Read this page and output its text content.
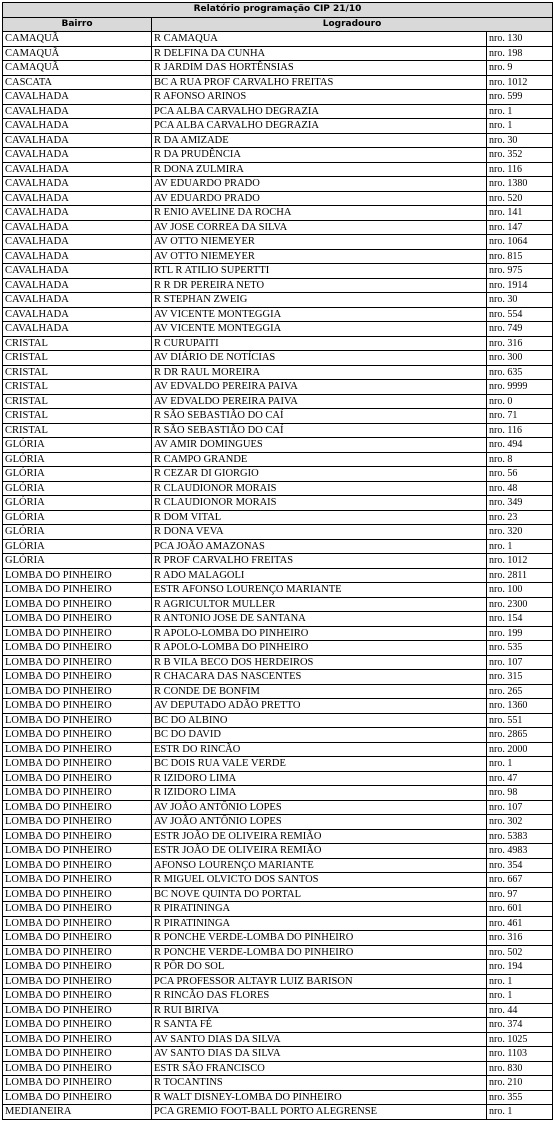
Relatório programação CIP 21/10		
Bairro	Logradouro	
CAMAQUÃ	R CAMAQUA	nro. 130
CAMAQUÃ	R DELFINA DA CUNHA	nro. 198
CAMAQUÃ	R JARDIM DAS HORTÊNSIAS	nro. 9
CASCATA	BC A RUA PROF CARVALHO FREITAS	nro. 1012
CAVALHADA	R AFONSO ARINOS	nro. 599
CAVALHADA	PCA ALBA CARVALHO DEGRAZIA	nro. 1
CAVALHADA	PCA ALBA CARVALHO DEGRAZIA	nro. 1
CAVALHADA	R DA AMIZADE	nro. 30
CAVALHADA	R DA PRUDÊNCIA	nro. 352
CAVALHADA	R DONA ZULMIRA	nro. 116
CAVALHADA	AV EDUARDO PRADO	nro. 1380
CAVALHADA	AV EDUARDO PRADO	nro. 520
CAVALHADA	R ENIO AVELINE DA ROCHA	nro. 141
CAVALHADA	AV JOSE CORREA DA SILVA	nro. 147
CAVALHADA	AV OTTO NIEMEYER	nro. 1064
CAVALHADA	AV OTTO NIEMEYER	nro. 815
CAVALHADA	RTL R ATILIO SUPERTTI	nro. 975
CAVALHADA	R R DR PEREIRA NETO	nro. 1914
CAVALHADA	R STEPHAN ZWEIG	nro. 30
CAVALHADA	AV VICENTE MONTEGGIA	nro. 554
CAVALHADA	AV VICENTE MONTEGGIA	nro. 749
CRISTAL	R CURUPAITI	nro. 316
CRISTAL	AV DIÁRIO DE NOTÍCIAS	nro. 300
CRISTAL	R DR RAUL MOREIRA	nro. 635
CRISTAL	AV EDVALDO PEREIRA PAIVA	nro. 9999
CRISTAL	AV EDVALDO PEREIRA PAIVA	nro. 0
CRISTAL	R SÃO SEBASTIÃO DO CAÍ	nro. 71
CRISTAL	R SÃO SEBASTIÃO DO CAÍ	nro. 116
GLÓRIA	AV AMIR DOMINGUES	nro. 494
GLÓRIA	R CAMPO GRANDE	nro. 8
GLÓRIA	R CEZAR DI GIORGIO	nro. 56
GLÓRIA	R CLAUDIONOR MORAIS	nro. 48
GLÓRIA	R CLAUDIONOR MORAIS	nro. 349
GLÓRIA	R DOM VITAL	nro. 23
GLÓRIA	R DONA VEVA	nro. 320
GLÓRIA	PCA JOÃO AMAZONAS	nro. 1
GLÓRIA	R PROF CARVALHO FREITAS	nro. 1012
LOMBA DO PINHEIRO	R ADO MALAGOLI	nro. 2811
LOMBA DO PINHEIRO	ESTR AFONSO LOURENÇO MARIANTE	nro. 100
LOMBA DO PINHEIRO	R AGRICULTOR MULLER	nro. 2300
LOMBA DO PINHEIRO	R ANTONIO JOSE DE SANTANA	nro. 154
LOMBA DO PINHEIRO	R APOLO-LOMBA DO PINHEIRO	nro. 199
LOMBA DO PINHEIRO	R APOLO-LOMBA DO PINHEIRO	nro. 535
LOMBA DO PINHEIRO	R B VILA BECO DOS HERDEIROS	nro. 107
LOMBA DO PINHEIRO	R CHACARA DAS NASCENTES	nro. 315
LOMBA DO PINHEIRO	R CONDE DE BONFIM	nro. 265
LOMBA DO PINHEIRO	AV DEPUTADO ADÃO PRETTO	nro. 1360
LOMBA DO PINHEIRO	BC DO ALBINO	nro. 551
LOMBA DO PINHEIRO	BC DO DAVID	nro. 2865
LOMBA DO PINHEIRO	ESTR DO RINCÃO	nro. 2000
LOMBA DO PINHEIRO	BC DOIS RUA VALE VERDE	nro. 1
LOMBA DO PINHEIRO	R IZIDORO LIMA	nro. 47
LOMBA DO PINHEIRO	R IZIDORO LIMA	nro. 98
LOMBA DO PINHEIRO	AV JOÃO ANTÔNIO LOPES	nro. 107
LOMBA DO PINHEIRO	AV JOÃO ANTÔNIO LOPES	nro. 302
LOMBA DO PINHEIRO	ESTR JOÃO DE OLIVEIRA REMIÃO	nro. 5383
LOMBA DO PINHEIRO	ESTR JOÃO DE OLIVEIRA REMIÃO	nro. 4983
LOMBA DO PINHEIRO	AFONSO LOURENÇO MARIANTE	nro. 354
LOMBA DO PINHEIRO	R MIGUEL OLVICTO DOS SANTOS	nro. 667
LOMBA DO PINHEIRO	BC NOVE QUINTA DO PORTAL	nro. 97
LOMBA DO PINHEIRO	R PIRATININGA	nro. 601
LOMBA DO PINHEIRO	R PIRATININGA	nro. 461
LOMBA DO PINHEIRO	R PONCHE VERDE-LOMBA DO PINHEIRO	nro. 316
LOMBA DO PINHEIRO	R PONCHE VERDE-LOMBA DO PINHEIRO	nro. 502
LOMBA DO PINHEIRO	R PÔR DO SOL	nro. 194
LOMBA DO PINHEIRO	PCA PROFESSOR ALTAYR LUIZ BARISON	nro. 1
LOMBA DO PINHEIRO	R RINCÃO DAS FLORES	nro. 1
LOMBA DO PINHEIRO	R RUI BIRIVA	nro. 44
LOMBA DO PINHEIRO	R SANTA FÉ	nro. 374
LOMBA DO PINHEIRO	AV SANTO DIAS DA SILVA	nro. 1025
LOMBA DO PINHEIRO	AV SANTO DIAS DA SILVA	nro. 1103
LOMBA DO PINHEIRO	ESTR SÃO FRANCISCO	nro. 830
LOMBA DO PINHEIRO	R TOCANTINS	nro. 210
LOMBA DO PINHEIRO	R WALT DISNEY-LOMBA DO PINHEIRO	nro. 355
MEDIANEIRA	PCA GREMIO FOOT-BALL PORTO ALEGRENSE	nro. 1
